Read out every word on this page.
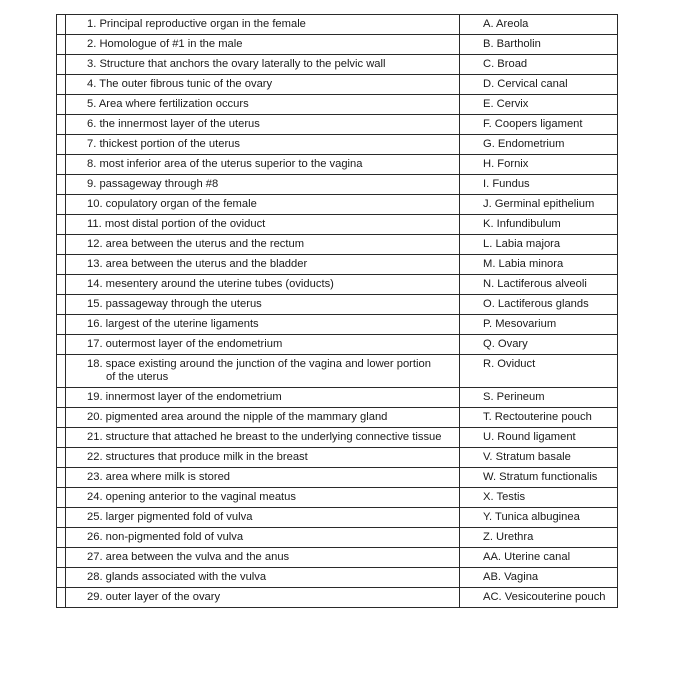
	1. Principal reproductive organ in the female	A. Areola
	2. Homologue of #1 in the male	B. Bartholin
	3. Structure that anchors the ovary laterally to the pelvic wall	C. Broad
	4. The outer fibrous tunic of the ovary	D. Cervical canal
	5. Area where fertilization occurs	E. Cervix
	6. the innermost layer of the uterus	F. Coopers ligament
	7. thickest portion of the uterus	G. Endometrium
	8. most inferior area of the uterus superior to the vagina	H. Fornix
	9. passageway through #8	I. Fundus
	10. copulatory organ of the female	J. Germinal epithelium
	11. most distal portion of the oviduct	K. Infundibulum
	12. area between the uterus and the rectum	L. Labia majora
	13. area between the uterus and the bladder	M. Labia minora
	14. mesentery around the uterine tubes (oviducts)	N. Lactiferous alveoli
	15. passageway through the uterus	O. Lactiferous glands
	16. largest of the uterine ligaments	P. Mesovarium
	17. outermost layer of the endometrium	Q. Ovary
	18. space existing around the junction of the vagina and lower portion
of the uterus	R. Oviduct
	19. innermost layer of the endometrium	S. Perineum
	20. pigmented area around the nipple of the mammary gland	T. Rectouterine pouch
	21. structure that attached he breast to the underlying connective tissue	U. Round ligament
	22. structures that produce milk in the breast	V. Stratum basale
	23. area where milk is stored	W. Stratum functionalis
	24. opening anterior to the vaginal meatus	X. Testis
	25. larger pigmented fold of vulva	Y. Tunica albuginea
	26. non-pigmented fold of vulva	Z. Urethra
	27. area between the vulva and the anus	AA. Uterine canal
	28. glands associated with the vulva	AB. Vagina
	29. outer layer of the ovary	AC. Vesicouterine pouch
